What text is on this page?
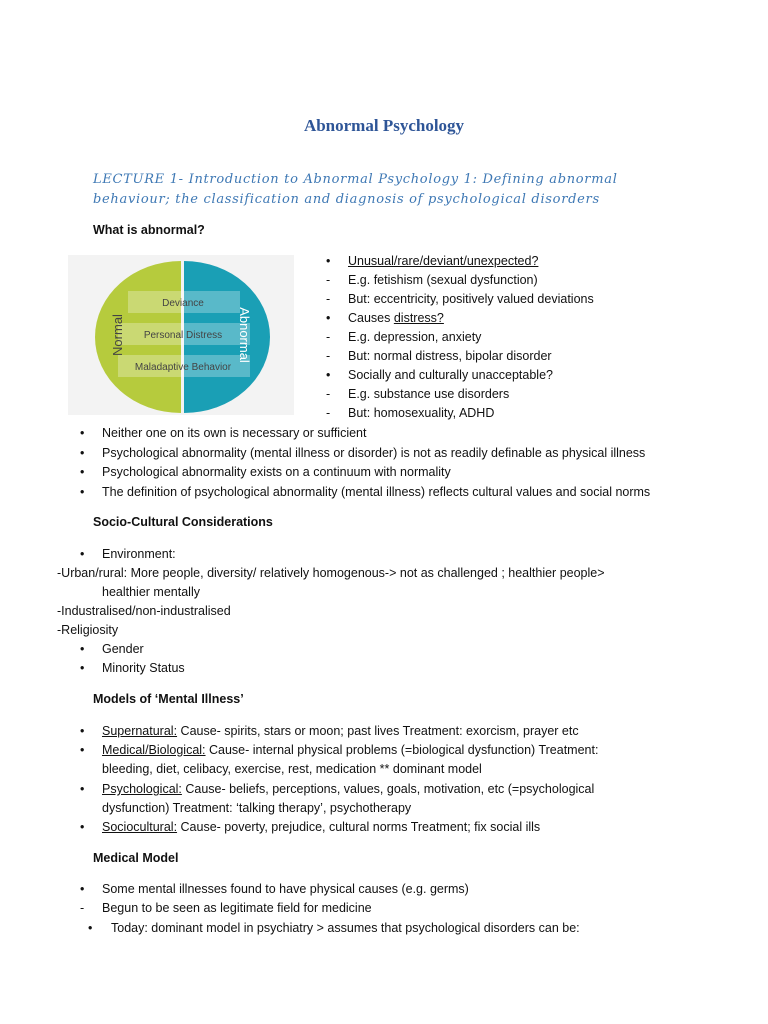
Abnormal Psychology
LECTURE 1- Introduction to Abnormal Psychology 1: Defining abnormal
behaviour; the classification and diagnosis of psychological disorders
What is abnormal?
Deviance
Personal Distress
Maladaptive Behavior
Normal	Abnormal
• Unusual/rare/deviant/unexpected?
- E.g. fetishism (sexual dysfunction)
- But: eccentricity, positively valued deviations
• Causes distress?
- E.g. depression, anxiety
- But: normal distress, bipolar disorder
• Socially and culturally unacceptable?
- E.g. substance use disorders
- But: homosexuality, ADHD
• Neither one on its own is necessary or sufficient
• Psychological abnormality (mental illness or disorder) is not as readily definable as physical illness
• Psychological abnormality exists on a continuum with normality
• The definition of psychological abnormality (mental illness) reflects cultural values and social norms
Socio-Cultural Considerations
• Environment:
-Urban/rural: More people, diversity/ relatively homogenous-> not as challenged ; healthier people>
healthier mentally
-Industralised/non-industralised
-Religiosity
• Gender
• Minority Status
Models of ‘Mental Illness’
• Supernatural: Cause- spirits, stars or moon; past lives Treatment: exorcism, prayer etc
• Medical/Biological: Cause- internal physical problems (=biological dysfunction) Treatment:
bleeding, diet, celibacy, exercise, rest, medication ** dominant model
• Psychological: Cause- beliefs, perceptions, values, goals, motivation, etc (=psychological
dysfunction) Treatment: ‘talking therapy’, psychotherapy
• Sociocultural: Cause- poverty, prejudice, cultural norms Treatment; fix social ills
Medical Model
• Some mental illnesses found to have physical causes (e.g. germs)
- Begun to be seen as legitimate field for medicine
• Today: dominant model in psychiatry > assumes that psychological disorders can be:
